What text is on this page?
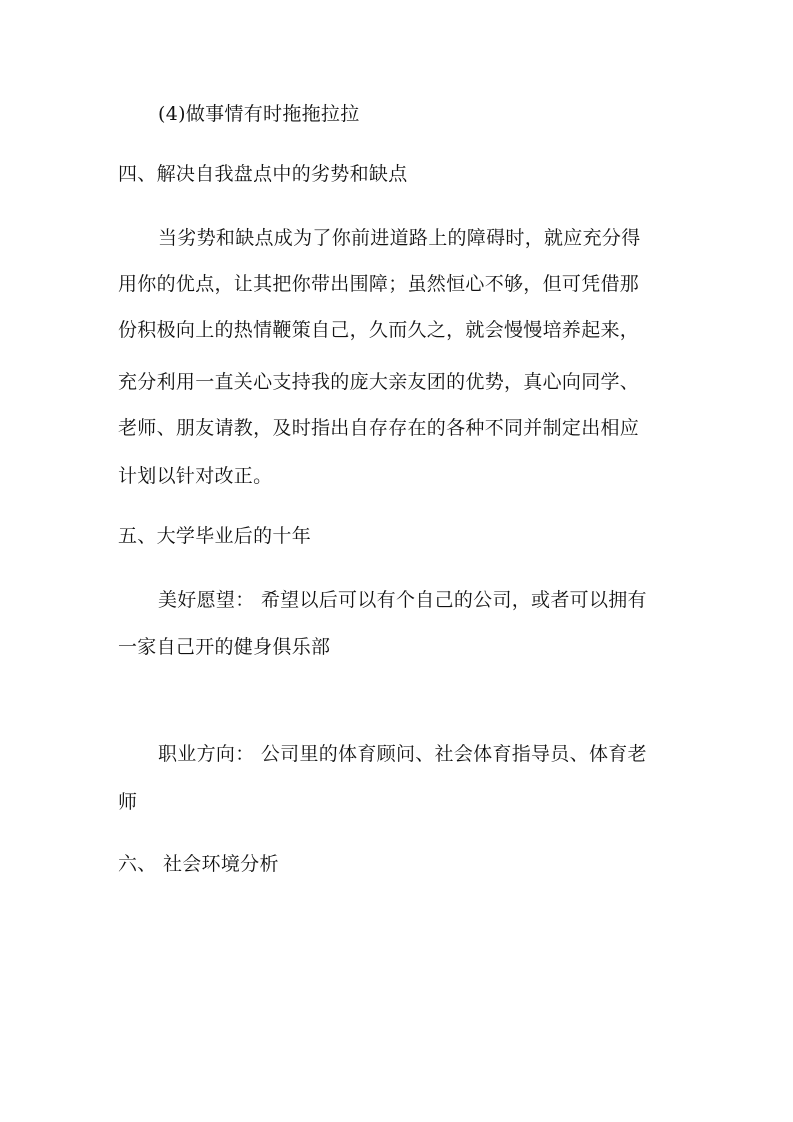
(4)做事情有时拖拖拉拉
四、解决自我盘点中的劣势和缺点
当劣势和缺点成为了你前进道路上的障碍时，就应充分得
用你的优点，让其把你带出围障；虽然恒心不够，但可凭借那
份积极向上的热情鞭策自己，久而久之，就会慢慢培养起来，
充分利用一直关心支持我的庞大亲友团的优势，真心向同学、
老师、朋友请教，及时指出自存存在的各种不同并制定出相应
计划以针对改正。
五、大学毕业后的十年
美好愿望： 希望以后可以有个自己的公司，或者可以拥有
一家自己开的健身俱乐部
职业方向： 公司里的体育顾问、社会体育指导员、体育老
师
六、 社会环境分析
